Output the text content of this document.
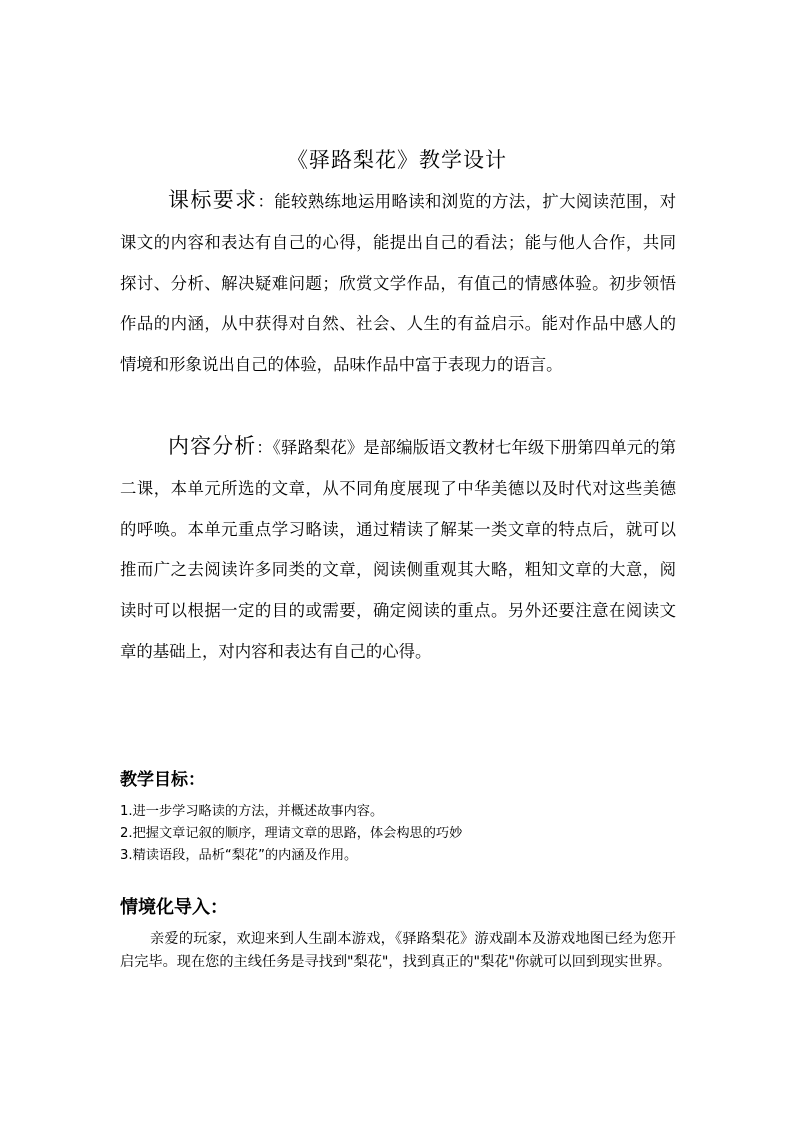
《驿路梨花》教学设计

课标要求：能较熟练地运用略读和浏览的方法，扩大阅读范围，对课文的内容和表达有自己的心得，能提出自己的看法；能与他人合作，共同探讨、分析、解决疑难问题；欣赏文学作品，有值己的情感体验。初步领悟作品的内涵，从中获得对自然、社会、人生的有益启示。能对作品中感人的情境和形象说出自己的体验，品味作品中富于表现力的语言。

内容分析：《驿路梨花》是部编版语文教材七年级下册第四单元的第二课，本单元所选的文章，从不同角度展现了中华美德以及时代对这些美德的呼唤。本单元重点学习略读，通过精读了解某一类文章的特点后，就可以推而广之去阅读许多同类的文章，阅读侧重观其大略，粗知文章的大意，阅读时可以根据一定的目的或需要，确定阅读的重点。另外还要注意在阅读文章的基础上，对内容和表达有自己的心得。

教学目标：
1.进一步学习略读的方法，并概述故事内容。
2.把握文章记叙的顺序，理请文章的思路，体会构思的巧妙
3.精读语段，品析“梨花”的内涵及作用。
情境化导入：

亲爱的玩家，欢迎来到人生副本游戏，《驿路梨花》游戏副本及游戏地图已经为您开启完毕。现在您的主线任务是寻找到"梨花"，找到真正的"梨花"你就可以回到现实世界。
